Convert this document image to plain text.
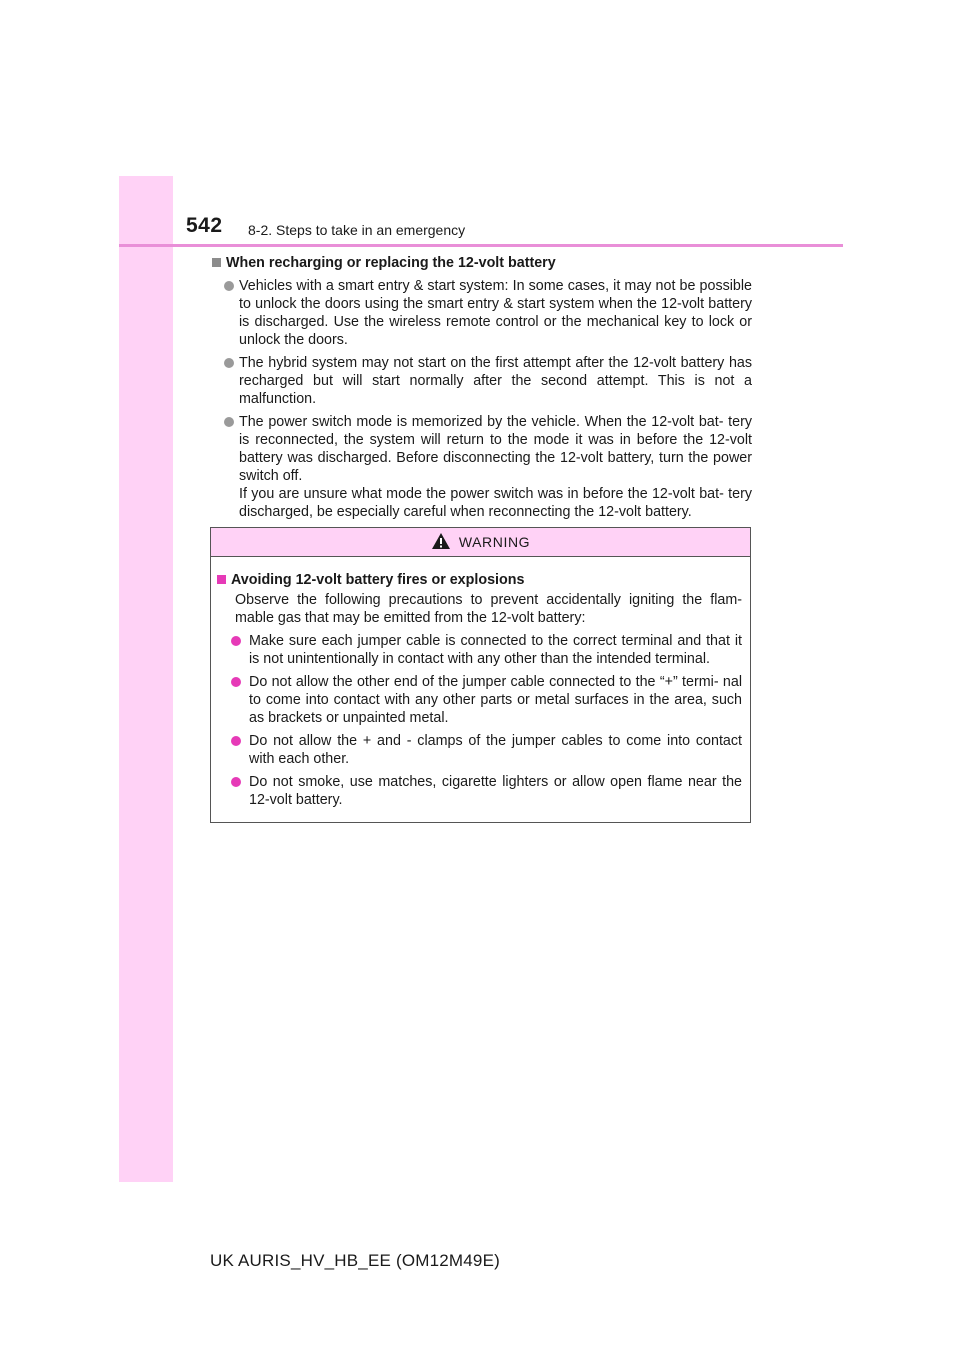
542 8-2. Steps to take in an emergency
When recharging or replacing the 12-volt battery

Vehicles with a smart entry & start system: In some cases, it may not be possible to unlock the doors using the smart entry & start system when the 12-volt battery is discharged. Use the wireless remote control or the mechanical key to lock or unlock the doors.

The hybrid system may not start on the first attempt after the 12-volt battery has recharged but will start normally after the second attempt. This is not a malfunction.

The power switch mode is memorized by the vehicle. When the 12-volt bat- tery is reconnected, the system will return to the mode it was in before the 12-volt battery was discharged. Before disconnecting the 12-volt battery, turn the power switch off.

If you are unsure what mode the power switch was in before the 12-volt bat- tery discharged, be especially careful when reconnecting the 12-volt battery.

WARNING
Avoiding 12-volt battery fires or explosions

Observe the following precautions to prevent accidentally igniting the flam- mable gas that may be emitted from the 12-volt battery:

Make sure each jumper cable is connected to the correct terminal and that it is not unintentionally in contact with any other than the intended terminal.

Do not allow the other end of the jumper cable connected to the “+” termi- nal to come into contact with any other parts or metal surfaces in the area, such as brackets or unpainted metal.

Do not allow the + and - clamps of the jumper cables to come into contact with each other.

Do not smoke, use matches, cigarette lighters or allow open flame near the 12-volt battery.

UK AURIS_HV_HB_EE (OM12M49E)
